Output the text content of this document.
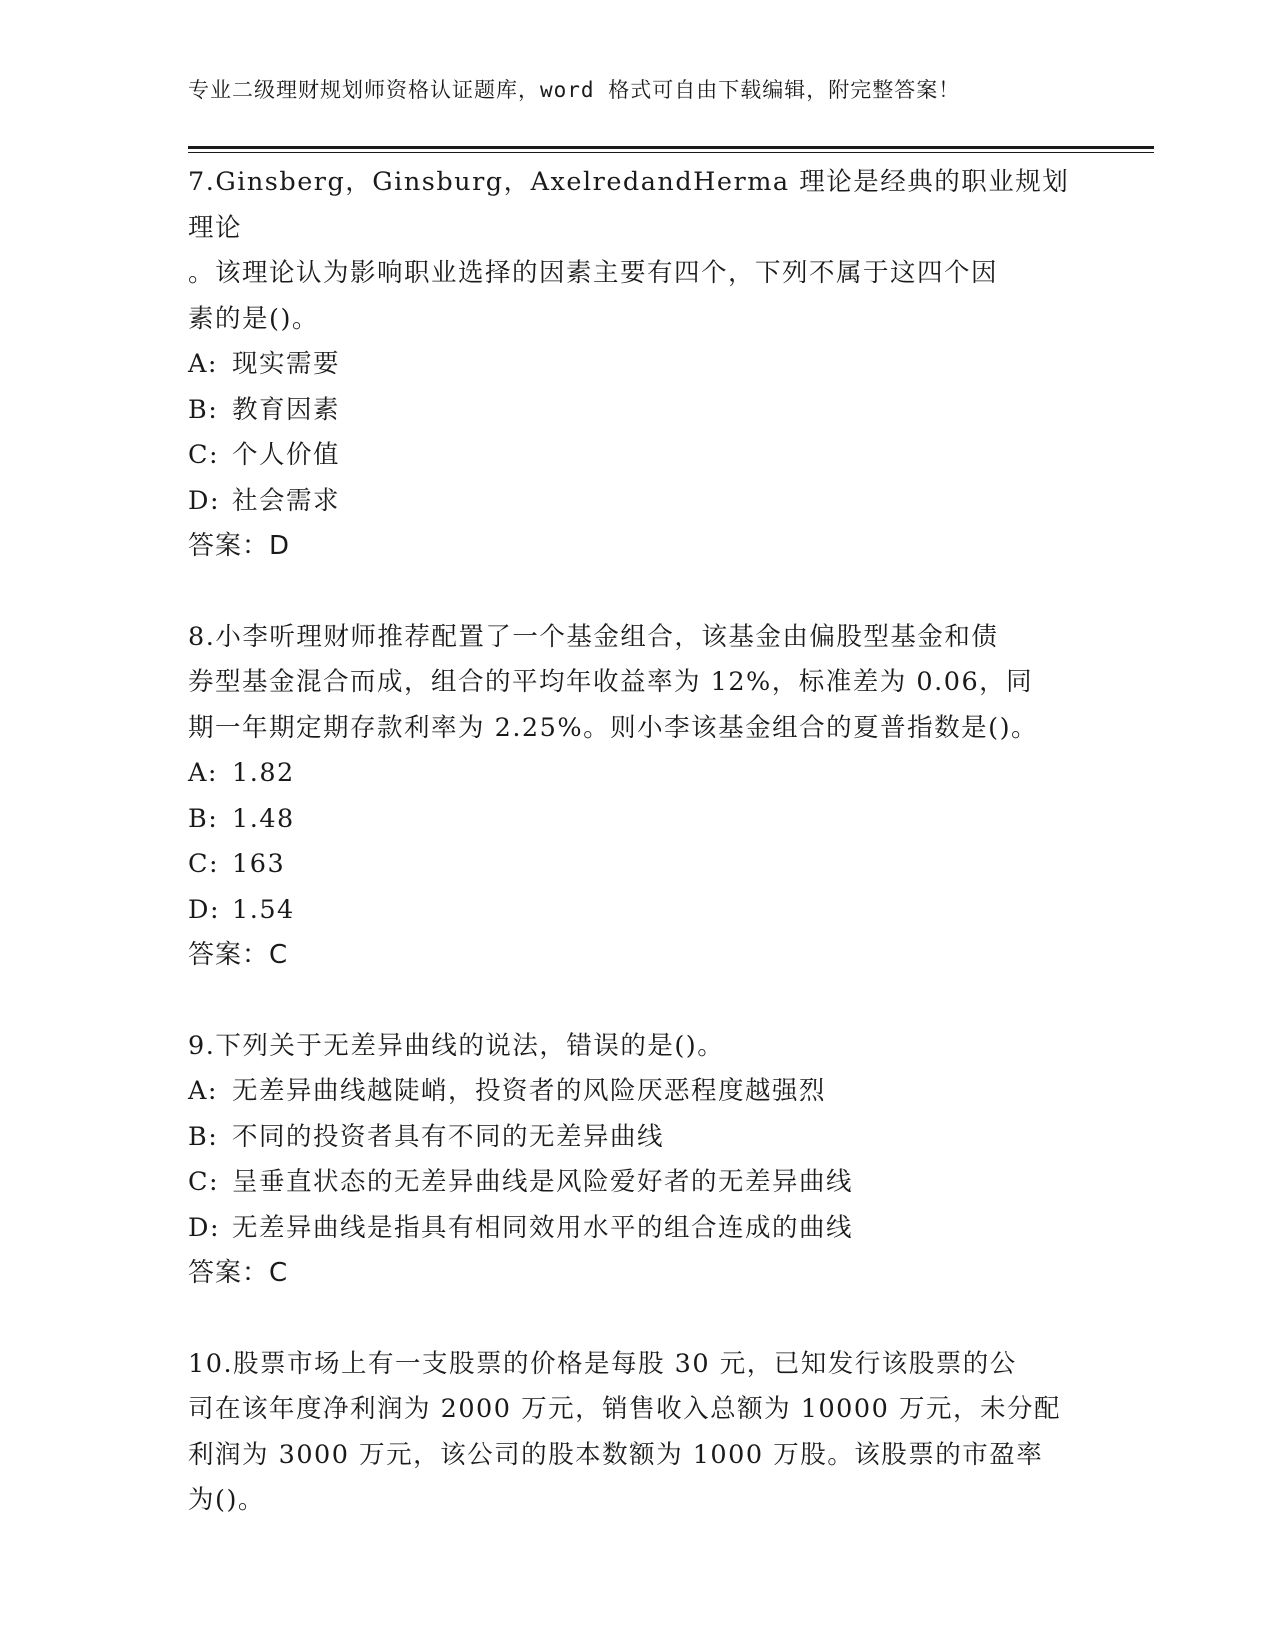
专业二级理财规划师资格认证题库，word 格式可自由下载编辑，附完整答案！

7.Ginsberg，Ginsburg，AxelredandHerma 理论是经典的职业规划理论

。该理论认为影响职业选择的因素主要有四个，下列不属于这四个因

素的是()。

A: 现实需要

B: 教育因素

C: 个人价值

D: 社会需求

答案：D

8.小李听理财师推荐配置了一个基金组合，该基金由偏股型基金和债

券型基金混合而成，组合的平均年收益率为 12%，标准差为 0.06，同

期一年期定期存款利率为 2.25%。则小李该基金组合的夏普指数是()。

A: 1.82

B: 1.48

C: 163

D: 1.54

答案：C

9.下列关于无差异曲线的说法，错误的是()。

A: 无差异曲线越陡峭，投资者的风险厌恶程度越强烈

B: 不同的投资者具有不同的无差异曲线

C: 呈垂直状态的无差异曲线是风险爱好者的无差异曲线

D: 无差异曲线是指具有相同效用水平的组合连成的曲线

答案：C

10.股票市场上有一支股票的价格是每股 30 元，已知发行该股票的公

司在该年度净利润为 2000 万元，销售收入总额为 10000 万元，未分配

利润为 3000 万元，该公司的股本数额为 1000 万股。该股票的市盈率

为()。
